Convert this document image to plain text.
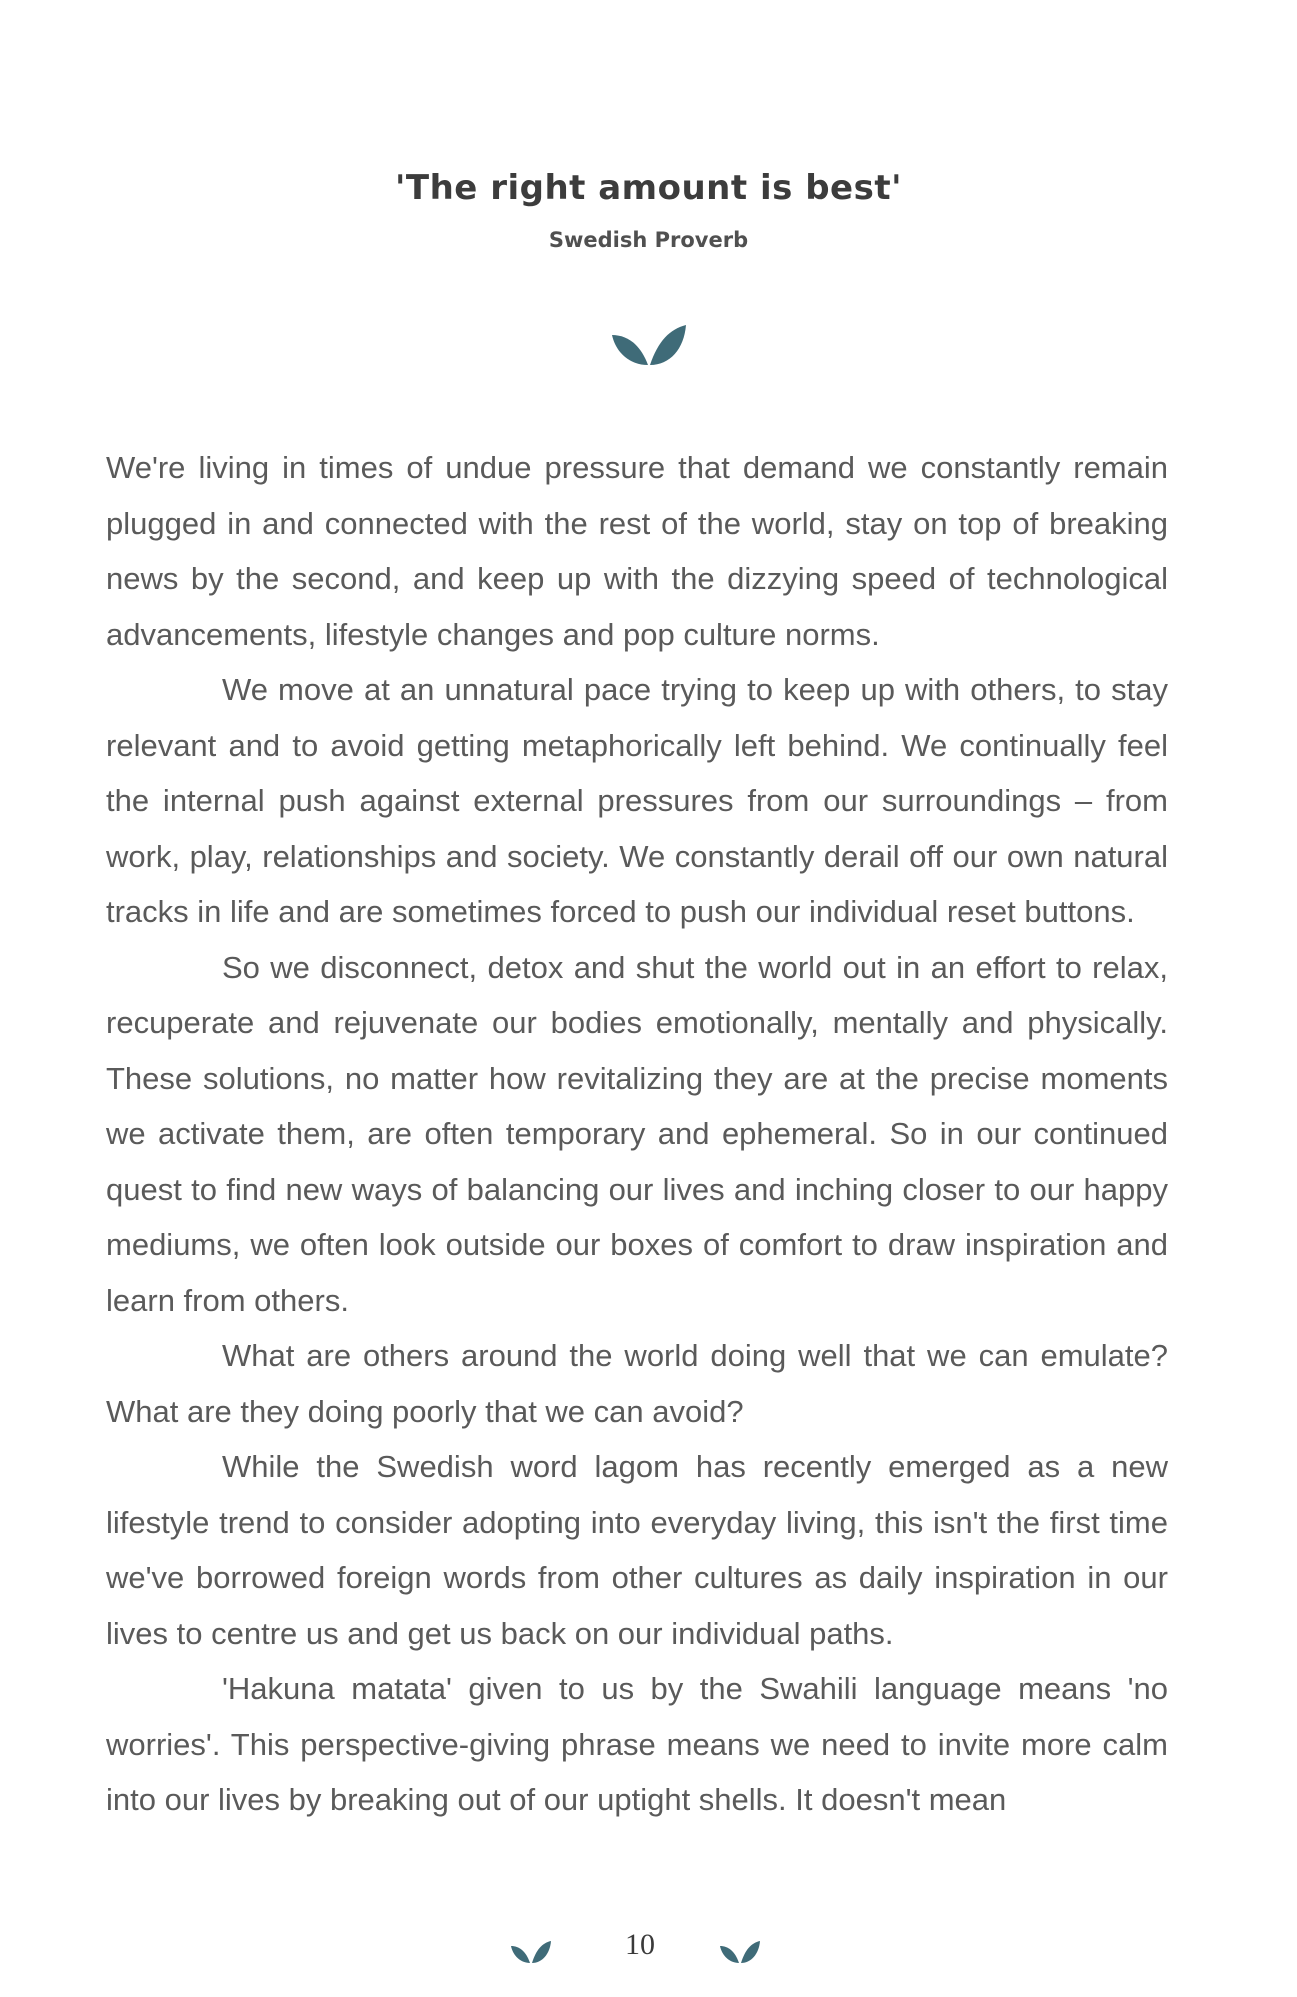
'The right amount is best'

Swedish Proverb

We're living in times of undue pressure that demand we constantly remain plugged in and connected with the rest of the world, stay on top of breaking news by the second, and keep up with the dizzying speed of technological advancements, lifestyle changes and pop culture norms.

We move at an unnatural pace trying to keep up with others, to stay relevant and to avoid getting metaphorically left behind. We continually feel the internal push against external pressures from our surroundings – from work, play, relationships and society. We constantly derail off our own natural tracks in life and are sometimes forced to push our individual reset buttons.

So we disconnect, detox and shut the world out in an effort to relax, recuperate and rejuvenate our bodies emotionally, mentally and physically. These solutions, no matter how revitalizing they are at the precise moments we activate them, are often temporary and ephemeral. So in our continued quest to find new ways of balancing our lives and inching closer to our happy mediums, we often look outside our boxes of comfort to draw inspiration and learn from others.

What are others around the world doing well that we can emulate? What are they doing poorly that we can avoid?

While the Swedish word lagom has recently emerged as a new lifestyle trend to consider adopting into everyday living, this isn't the first time we've borrowed foreign words from other cultures as daily inspiration in our lives to centre us and get us back on our individual paths.

'Hakuna matata' given to us by the Swahili language means 'no worries'. This perspective-giving phrase means we need to invite more calm into our lives by breaking out of our uptight shells. It doesn't mean

10
